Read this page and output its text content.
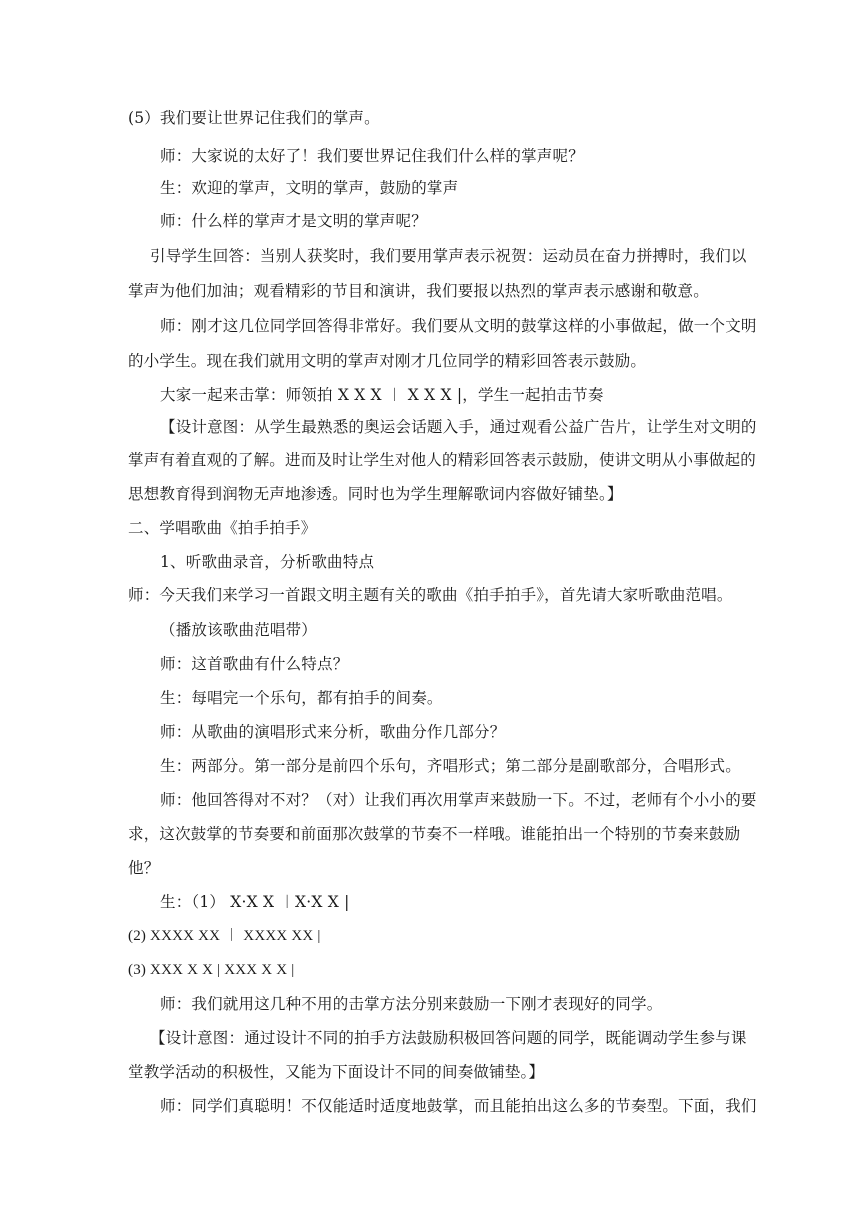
(5）我们要让世界记住我们的掌声。
师：大家说的太好了！我们要世界记住我们什么样的掌声呢？
生：欢迎的掌声，文明的掌声，鼓励的掌声
师：什么样的掌声才是文明的掌声呢？
引导学生回答：当别人获奖时，我们要用掌声表示祝贺：运动员在奋力拼搏时，我们以
掌声为他们加油；观看精彩的节目和演讲，我们要报以热烈的掌声表示感谢和敬意。
师：刚才这几位同学回答得非常好。我们要从文明的鼓掌这样的小事做起，做一个文明
的小学生。现在我们就用文明的掌声对刚才几位同学的精彩回答表示鼓励。
大家一起来击掌：师领拍 X X X ︱ X X X |，学生一起拍击节奏
【设计意图：从学生最熟悉的奥运会话题入手，通过观看公益广告片，让学生对文明的
掌声有着直观的了解。进而及时让学生对他人的精彩回答表示鼓励，使讲文明从小事做起的
思想教育得到润物无声地渗透。同时也为学生理解歌词内容做好铺垫。】
二、学唱歌曲《拍手拍手》
1、听歌曲录音，分析歌曲特点
师：今天我们来学习一首跟文明主题有关的歌曲《拍手拍手》，首先请大家听歌曲范唱。
（播放该歌曲范唱带）
师：这首歌曲有什么特点？
生：每唱完一个乐句，都有拍手的间奏。
师：从歌曲的演唱形式来分析，歌曲分作几部分？
生：两部分。第一部分是前四个乐句，齐唱形式；第二部分是副歌部分，合唱形式。
师：他回答得对不对？（对）让我们再次用掌声来鼓励一下。不过，老师有个小小的要
求，这次鼓掌的节奏要和前面那次鼓掌的节奏不一样哦。谁能拍出一个特别的节奏来鼓励
他？
生：（1） X·X X ︱X·X X |
(2) XXXX XX ︱ XXXX XX |
(3) XXX X X | XXX X X |
师：我们就用这几种不用的击掌方法分别来鼓励一下刚才表现好的同学。
【设计意图：通过设计不同的拍手方法鼓励积极回答问题的同学，既能调动学生参与课
堂教学活动的积极性，又能为下面设计不同的间奏做铺垫。】
师：同学们真聪明！不仅能适时适度地鼓掌，而且能拍出这么多的节奏型。下面，我们
